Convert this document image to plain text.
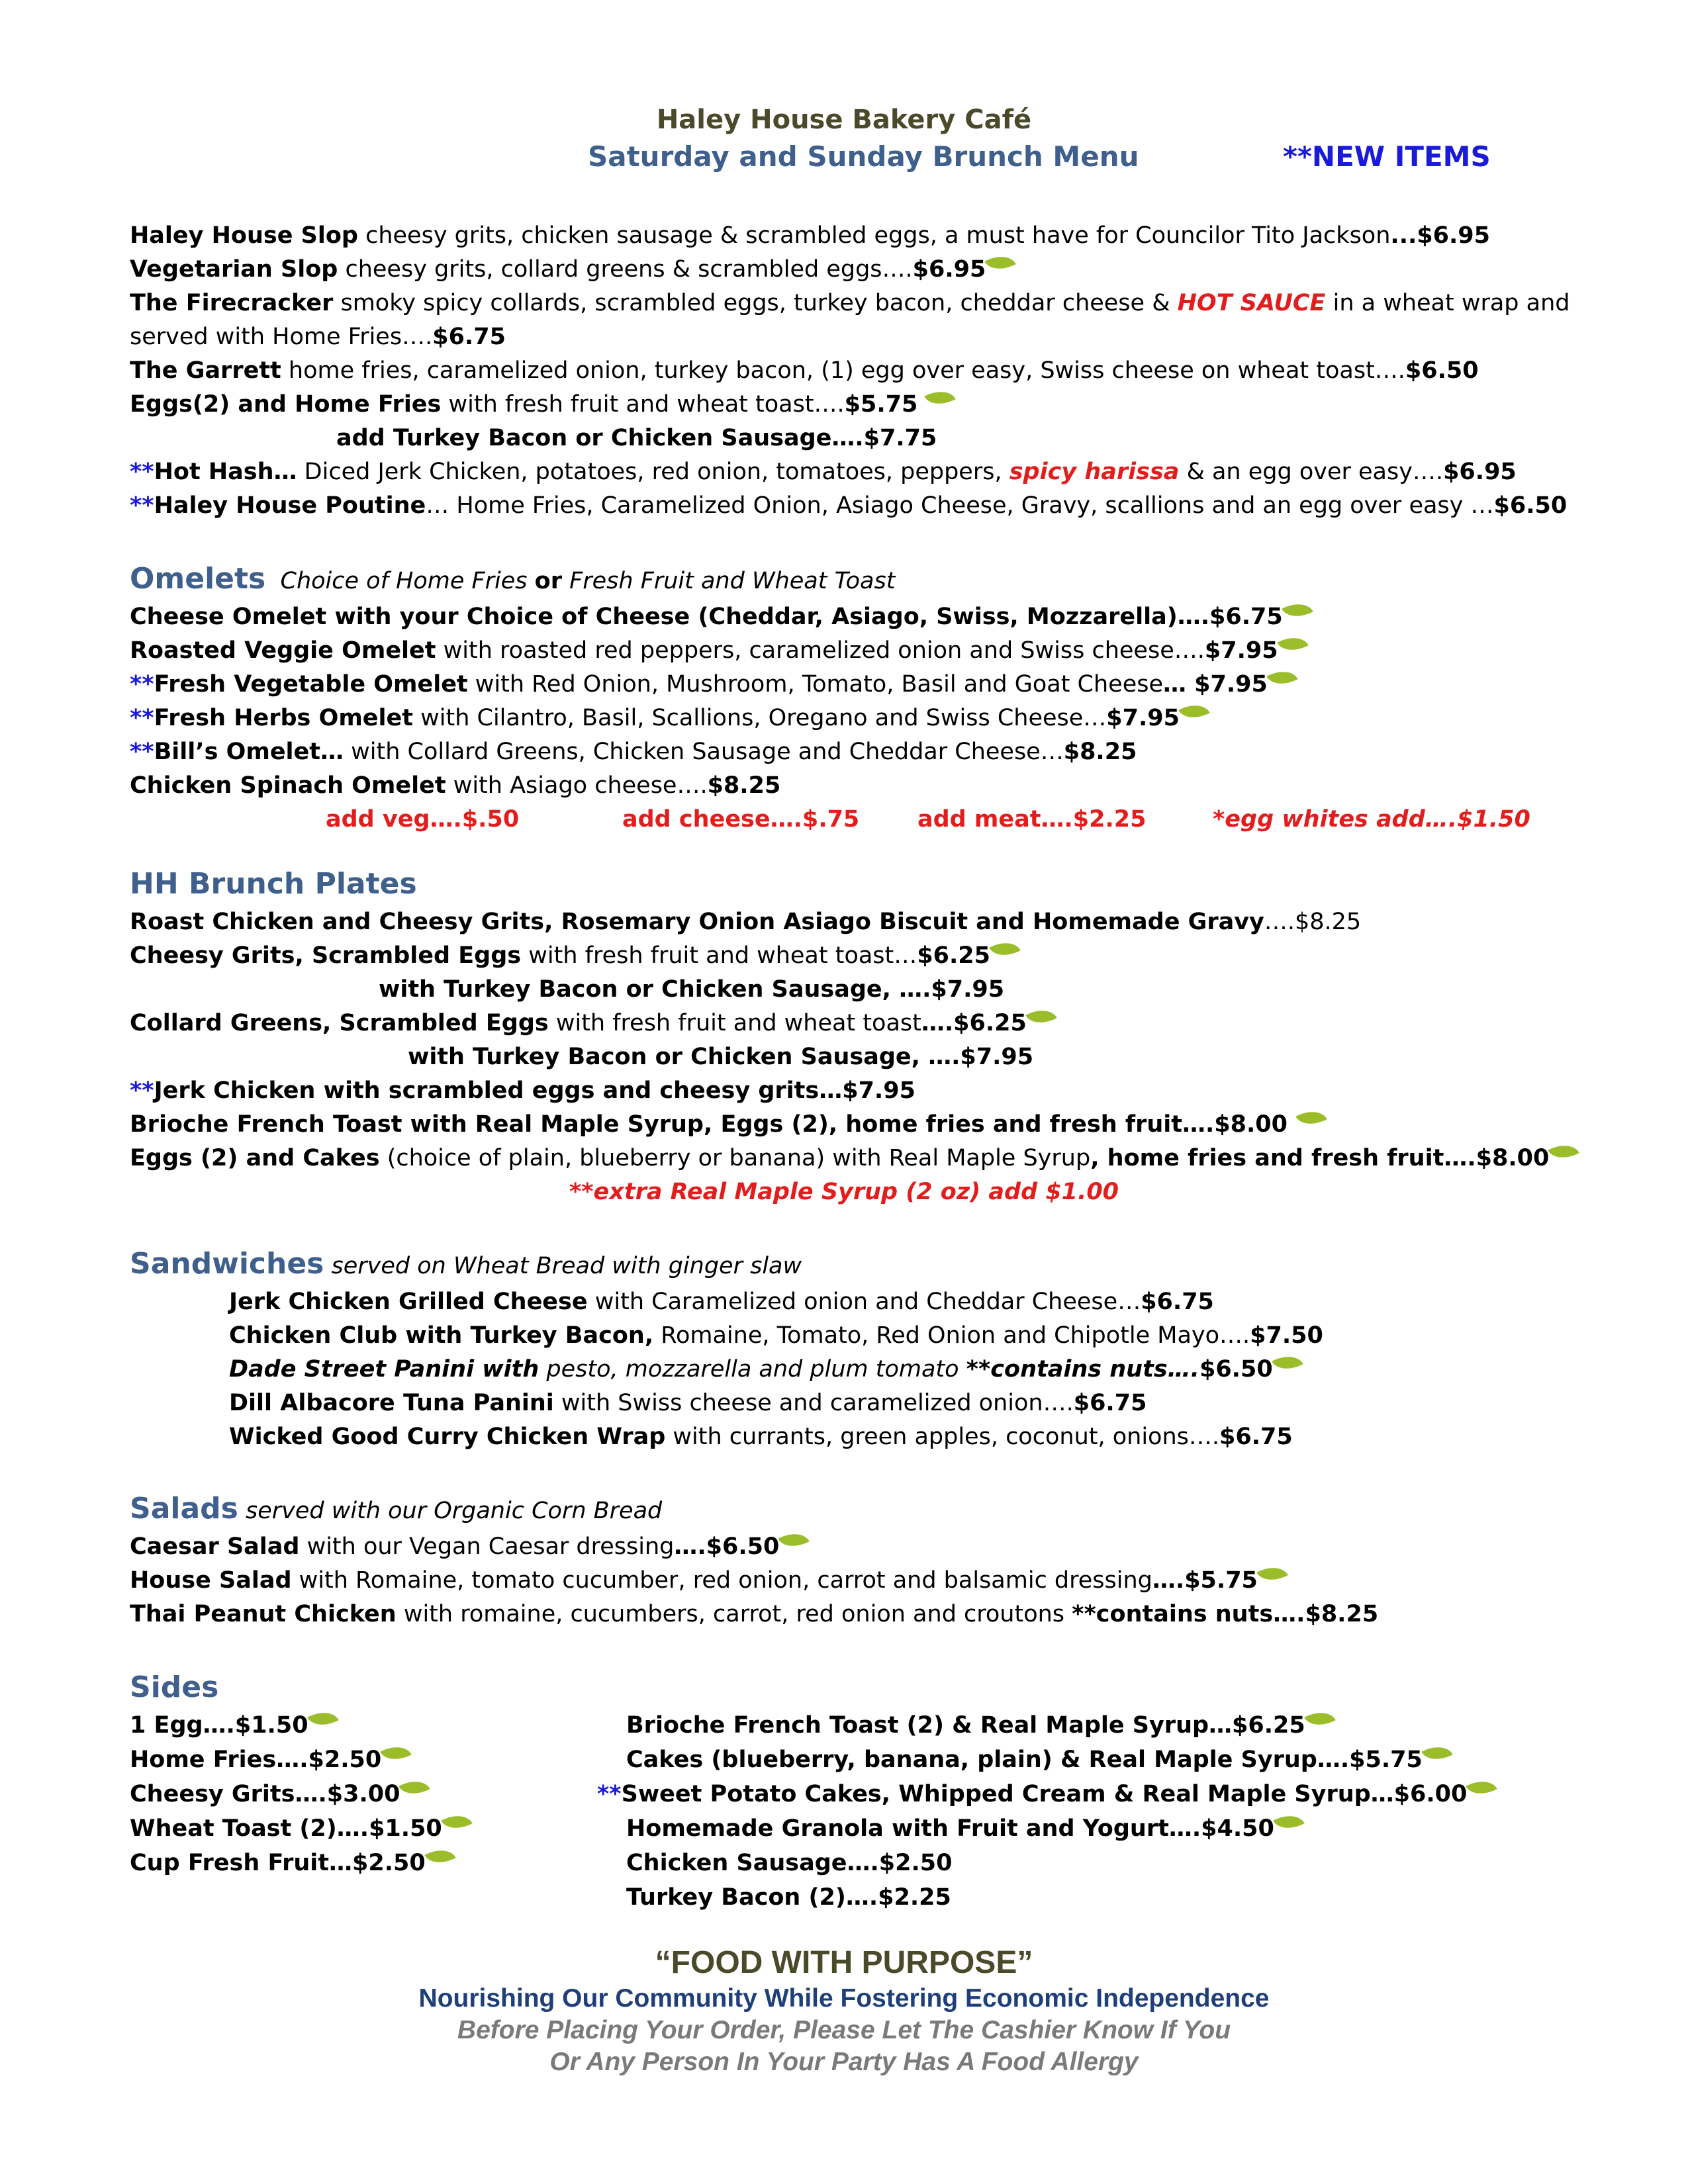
Haley House Bakery Café
Saturday and Sunday Brunch Menu	**NEW ITEMS
Haley House Slop cheesy grits, chicken sausage & scrambled eggs, a must have for Councilor Tito Jackson...$6.95
Vegetarian Slop cheesy grits, collard greens & scrambled eggs….$6.95
The Firecracker smoky spicy collards, scrambled eggs, turkey bacon, cheddar cheese & HOT SAUCE in a wheat wrap and
served with Home Fries….$6.75
The Garrett home fries, caramelized onion, turkey bacon, (1) egg over easy, Swiss cheese on wheat toast….$6.50
Eggs(2) and Home Fries with fresh fruit and wheat toast….$5.75
add Turkey Bacon or Chicken Sausage….$7.75
**Hot Hash… Diced Jerk Chicken, potatoes, red onion, tomatoes, peppers, spicy harissa & an egg over easy….$6.95
**Haley House Poutine… Home Fries, Caramelized Onion, Asiago Cheese, Gravy, scallions and an egg over easy …$6.50
Omelets Choice of Home Fries or Fresh Fruit and Wheat Toast
Cheese Omelet with your Choice of Cheese (Cheddar, Asiago, Swiss, Mozzarella)….$6.75
Roasted Veggie Omelet with roasted red peppers, caramelized onion and Swiss cheese….$7.95
**Fresh Vegetable Omelet with Red Onion, Mushroom, Tomato, Basil and Goat Cheese… $7.95
**Fresh Herbs Omelet with Cilantro, Basil, Scallions, Oregano and Swiss Cheese…$7.95
**Bill’s Omelet… with Collard Greens, Chicken Sausage and Cheddar Cheese…$8.25
Chicken Spinach Omelet with Asiago cheese….$8.25
add veg….$.50	add cheese….$.75	add meat….$2.25	*egg whites add….$1.50
HH Brunch Plates
Roast Chicken and Cheesy Grits, Rosemary Onion Asiago Biscuit and Homemade Gravy….$8.25
Cheesy Grits, Scrambled Eggs with fresh fruit and wheat toast…$6.25
with Turkey Bacon or Chicken Sausage, ….$7.95
Collard Greens, Scrambled Eggs with fresh fruit and wheat toast….$6.25
with Turkey Bacon or Chicken Sausage, ….$7.95
**Jerk Chicken with scrambled eggs and cheesy grits…$7.95
Brioche French Toast with Real Maple Syrup, Eggs (2), home fries and fresh fruit….$8.00
Eggs (2) and Cakes (choice of plain, blueberry or banana) with Real Maple Syrup, home fries and fresh fruit….$8.00
**extra Real Maple Syrup (2 oz) add $1.00
Sandwiches served on Wheat Bread with ginger slaw
Jerk Chicken Grilled Cheese with Caramelized onion and Cheddar Cheese…$6.75
Chicken Club with Turkey Bacon, Romaine, Tomato, Red Onion and Chipotle Mayo….$7.50
Dade Street Panini with pesto, mozzarella and plum tomato **contains nuts….$6.50
Dill Albacore Tuna Panini with Swiss cheese and caramelized onion….$6.75
Wicked Good Curry Chicken Wrap with currants, green apples, coconut, onions….$6.75
Salads served with our Organic Corn Bread
Caesar Salad with our Vegan Caesar dressing….$6.50
House Salad with Romaine, tomato cucumber, red onion, carrot and balsamic dressing….$5.75
Thai Peanut Chicken with romaine, cucumbers, carrot, red onion and croutons **contains nuts….$8.25
Sides
1 Egg….$1.50
Home Fries….$2.50
Cheesy Grits….$3.00
Wheat Toast (2)….$1.50
Cup Fresh Fruit…$2.50
Brioche French Toast (2) & Real Maple Syrup…$6.25
Cakes (blueberry, banana, plain) & Real Maple Syrup….$5.75
**Sweet Potato Cakes, Whipped Cream & Real Maple Syrup…$6.00
Homemade Granola with Fruit and Yogurt….$4.50
Chicken Sausage….$2.50
Turkey Bacon (2)….$2.25
“FOOD WITH PURPOSE”
Nourishing Our Community While Fostering Economic Independence
Before Placing Your Order, Please Let The Cashier Know If You
Or Any Person In Your Party Has A Food Allergy
